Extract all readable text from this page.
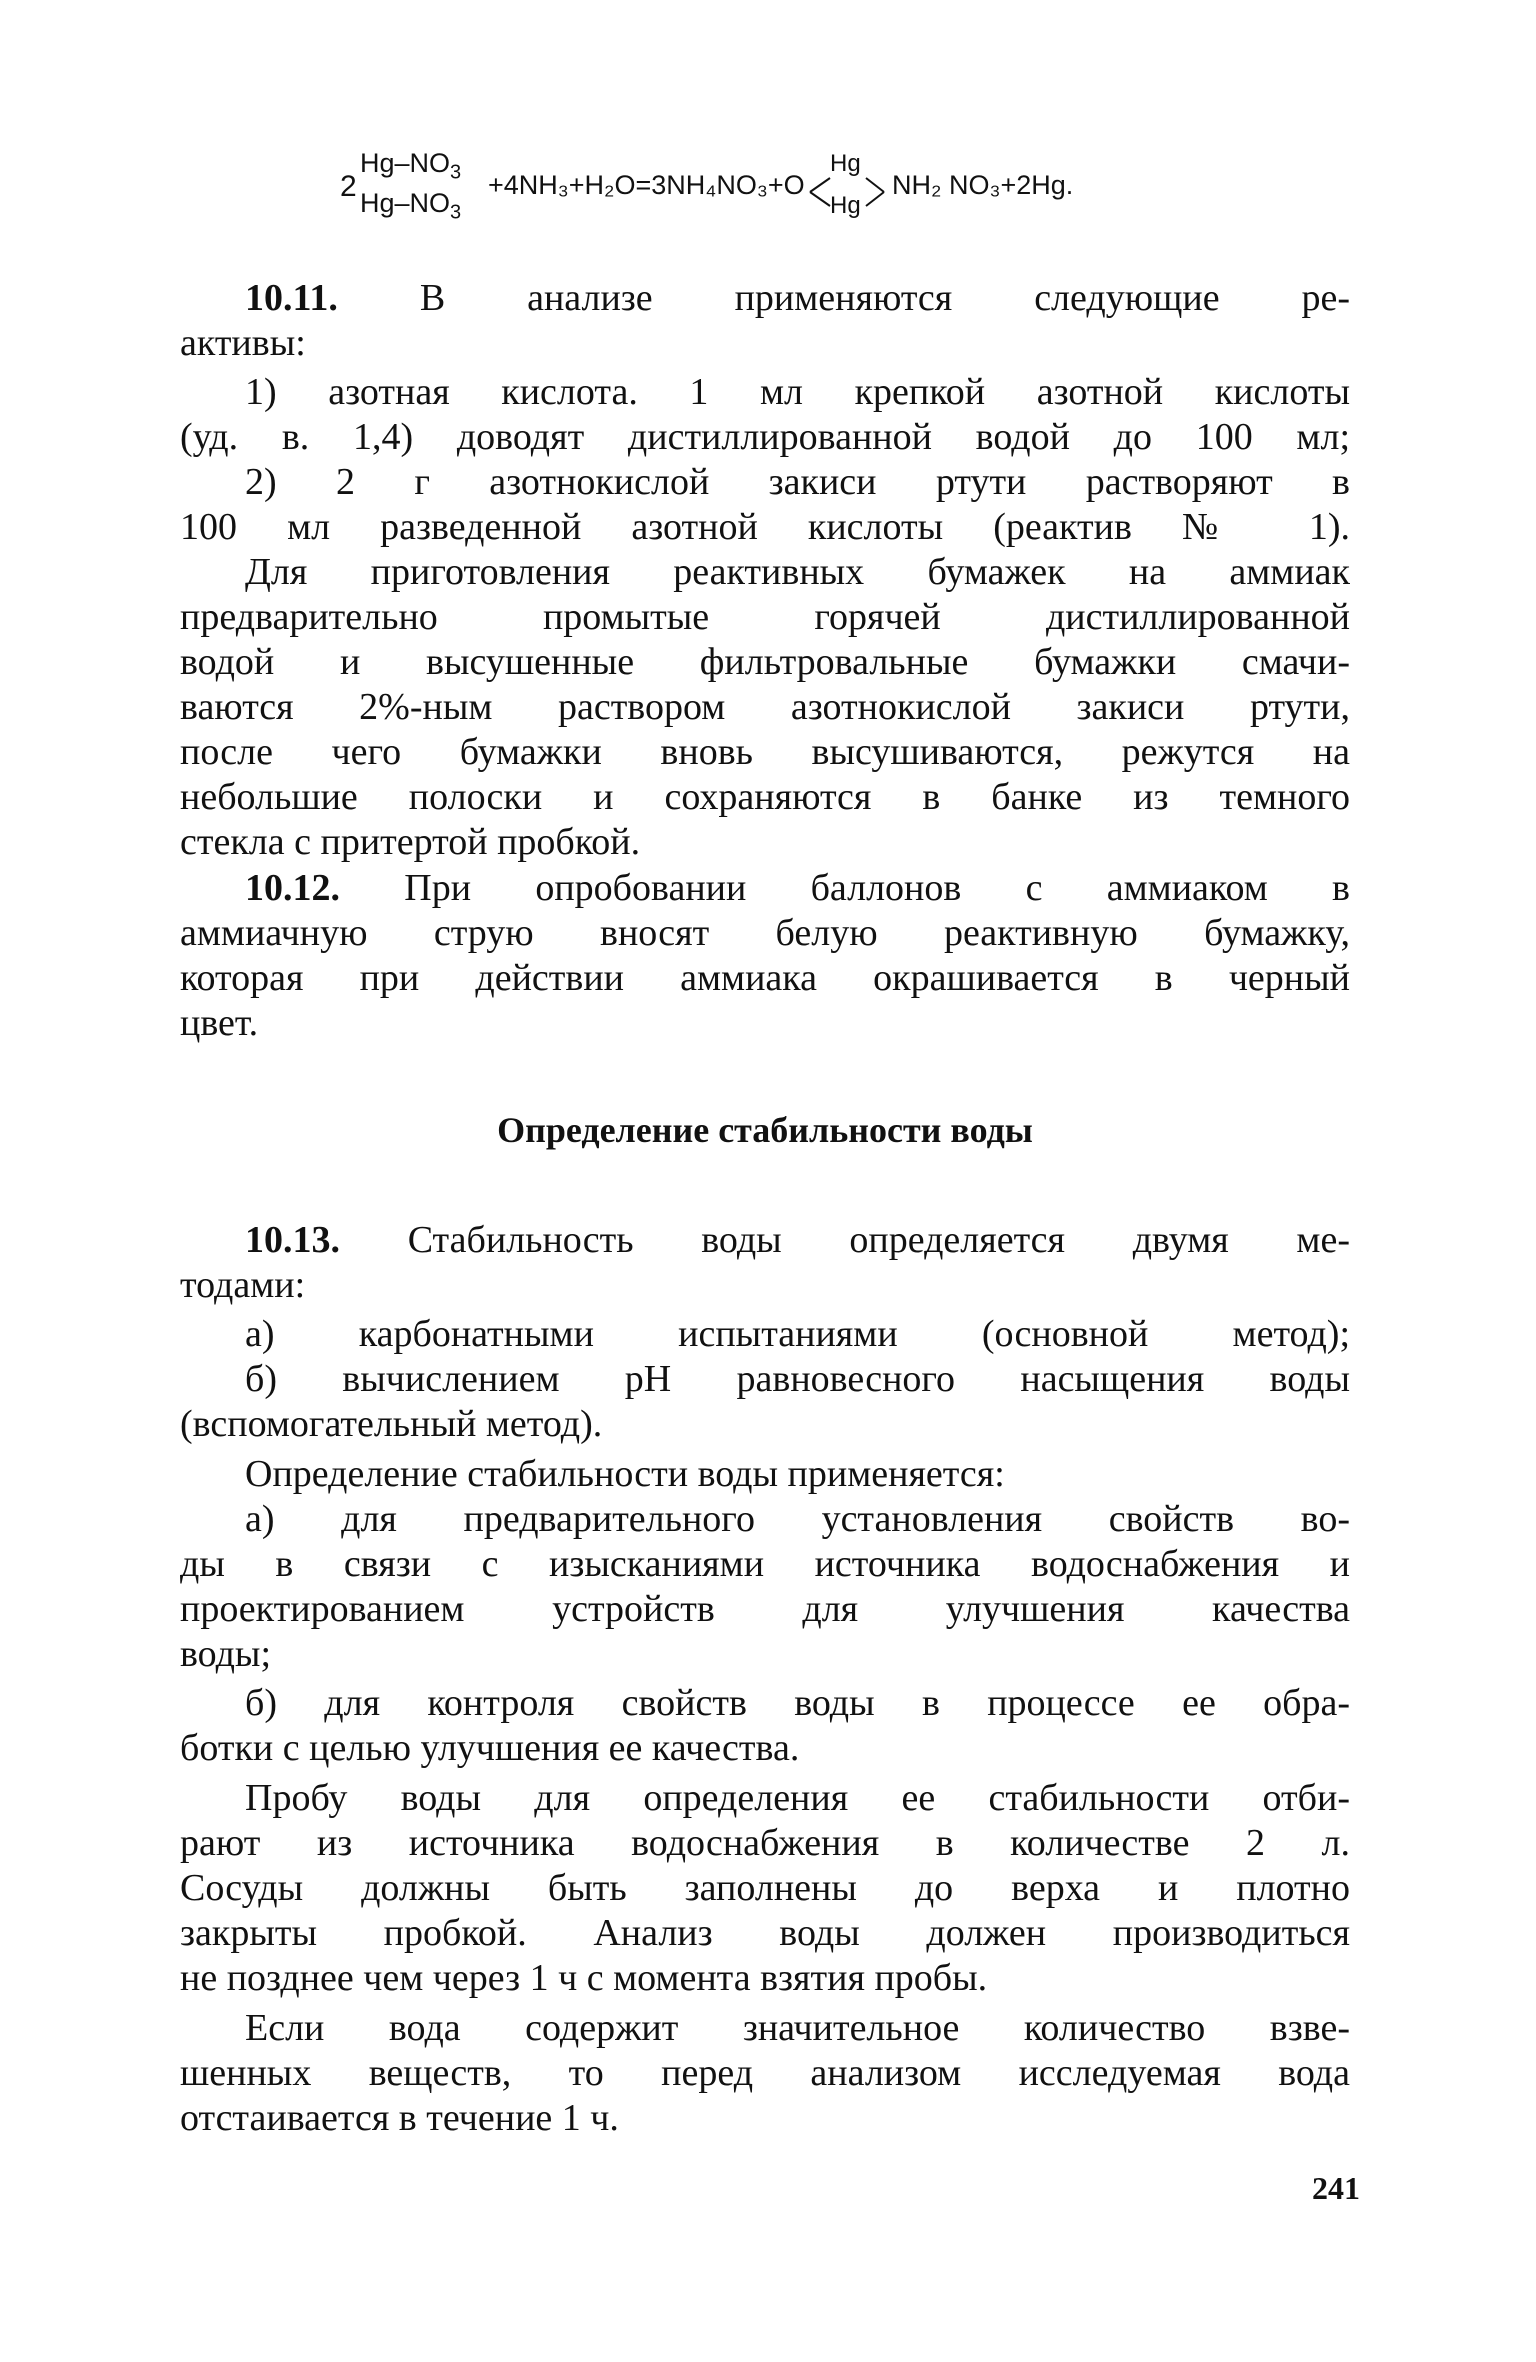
2
$Hg-NO_3$
$Hg-NO_3$
+4NH₃+H₂O=3NH₄NO₃+O
Hg
Hg
NH₂ NO₃+2Hg.

10.11. В анализе применяются следующие ре-

активы:

1) азотная кислота. 1 мл крепкой азотной кислоты

(уд. в. 1,4) доводят дистиллированной водой до 100 мл;

2) 2 г азотнокислой закиси ртути растворяют в

100 мл разведенной азотной кислоты (реактив № 1).

Для приготовления реактивных бумажек на аммиак

предварительно промытые горячей дистиллированной

водой и высушенные фильтровальные бумажки смачи-

ваются 2%-ным раствором азотнокислой закиси ртути,

после чего бумажки вновь высушиваются, режутся на

небольшие полоски и сохраняются в банке из темного

стекла с притертой пробкой.

10.12. При опробовании баллонов с аммиаком в

аммиачную струю вносят белую реактивную бумажку,

которая при действии аммиака окрашивается в черный

цвет.

Определение стабильности воды

10.13. Стабильность воды определяется двумя ме-

тодами:

а) карбонатными испытаниями (основной метод);

б) вычислением pH равновесного насыщения воды

(вспомогательный метод).

Определение стабильности воды применяется:

а) для предварительного установления свойств во-

ды в связи с изысканиями источника водоснабжения и

проектированием устройств для улучшения качества

воды;

б) для контроля свойств воды в процессе ее обра-

ботки с целью улучшения ее качества.

Пробу воды для определения ее стабильности отби-

рают из источника водоснабжения в количестве 2 л.

Сосуды должны быть заполнены до верха и плотно

закрыты пробкой. Анализ воды должен производиться

не позднее чем через 1 ч с момента взятия пробы.

Если вода содержит значительное количество взве-

шенных веществ, то перед анализом исследуемая вода

отстаивается в течение 1 ч.

241
